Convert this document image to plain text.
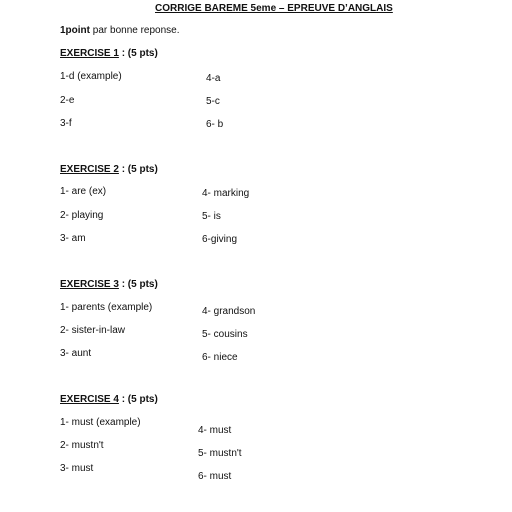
CORRIGE BAREME 5eme – EPREUVE D’ANGLAIS
1point par bonne reponse.
EXERCISE 1 : (5 pts)
1-d (example)
2-e
3-f
4-a
5-c
6- b
EXERCISE 2 : (5 pts)
1- are (ex)
2- playing
3- am
4- marking
5- is
6-giving
EXERCISE 3 : (5 pts)
1- parents (example)
2- sister-in-law
3- aunt
4- grandson
5- cousins
6- niece
EXERCISE 4 : (5 pts)
1- must (example)
2- mustn't
3- must
4- must
5- mustn't
6- must
